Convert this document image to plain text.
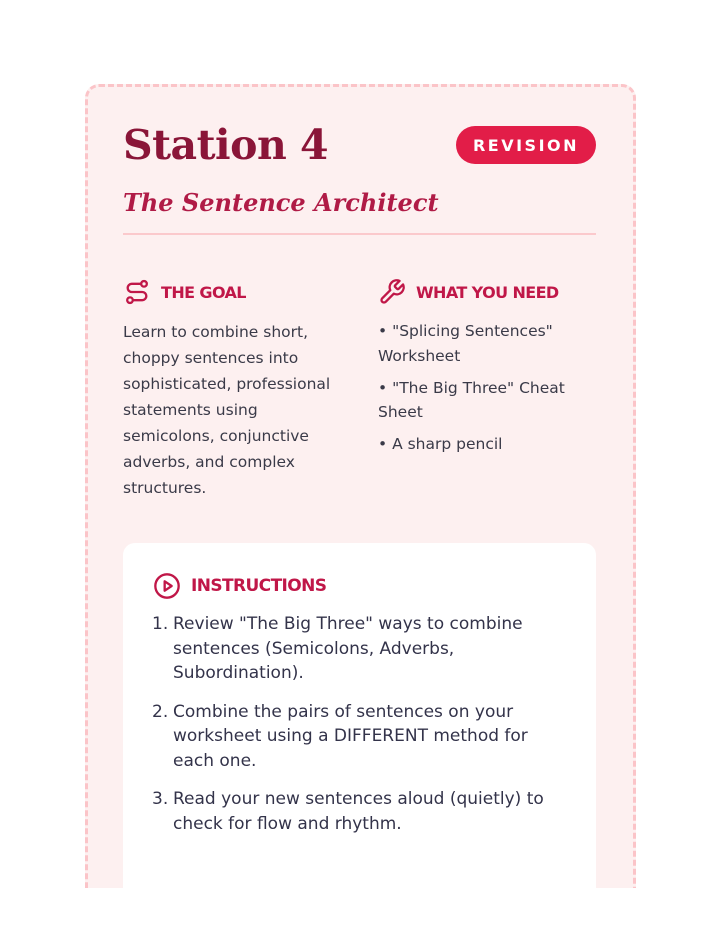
Station 4	REVISION
The Sentence Architect
THE GOAL

Learn to combine short, choppy sentences into sophisticated, professional statements using semicolons, conjunctive adverbs, and complex structures.

WHAT YOU NEED
• "Splicing Sentences" Worksheet
• "The Big Three" Cheat Sheet
• A sharp pencil
INSTRUCTIONS
1. Review "The Big Three" ways to combine sentences (Semicolons, Adverbs, Subordination).
2. Combine the pairs of sentences on your worksheet using a DIFFERENT method for each one.
3. Read your new sentences aloud (quietly) to check for flow and rhythm.
